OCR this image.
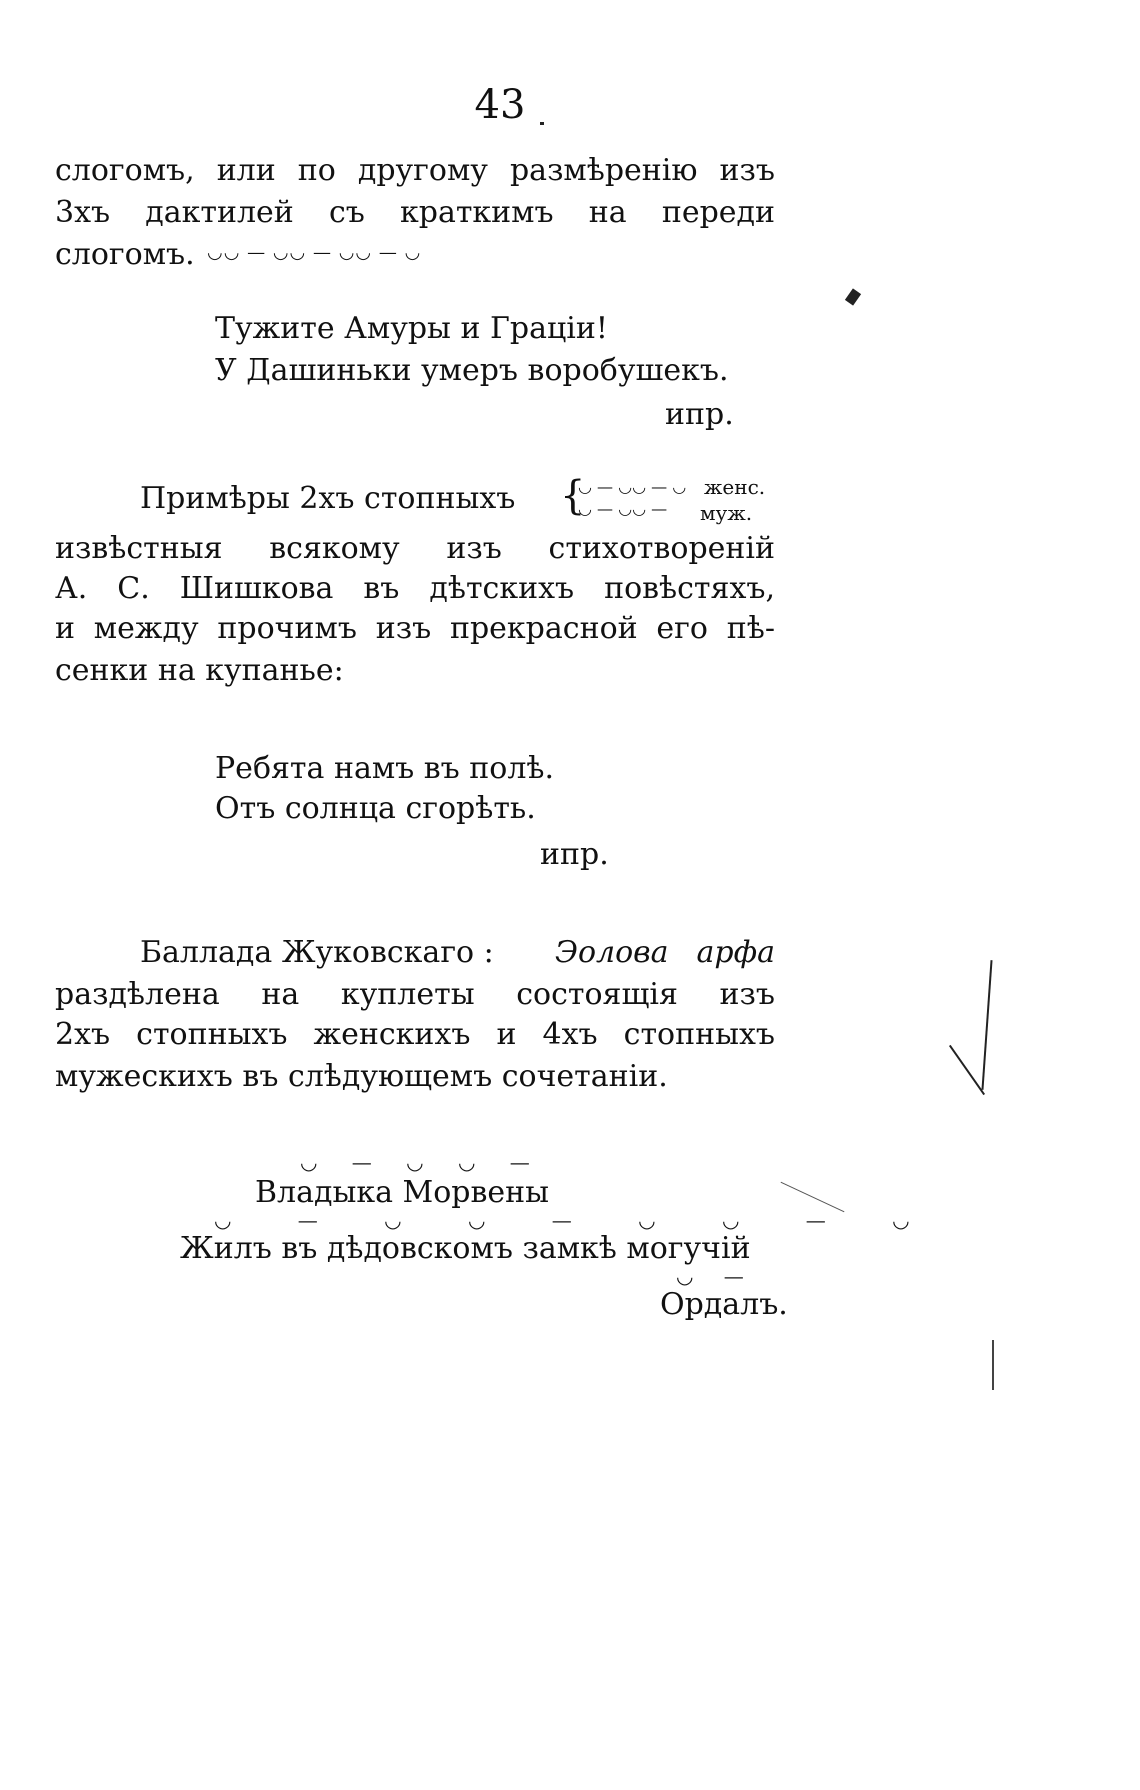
43
слогомъ, или по другому размѣренію изъ
3хъ дактилей съ краткимъ на переди
слогомъ. ◡◡ — ◡◡ — ◡◡ — ◡
Тужите Амуры и Граціи!
У Дашиньки умеръ воробушекъ.
ипр.
Примѣры 2хъ стопныхъ {
◡ — ◡◡ — ◡
◡ — ◡◡ —
женс.
муж.
извѣстныя всякому изъ стихотвореній
А. С. Шишкова въ дѣтскихъ повѣстяхъ,
и между прочимъ изъ прекрасной его пѣ-
сенки на купанье:
Ребята намъ въ полѣ.
Отъ солнца сгорѣть.
ипр.
Баллада Жуковскаго : Эолова арфа
раздѣлена на куплеты состоящія изъ
2хъ стопныхъ женскихъ и 4хъ стопныхъ
мужескихъ въ слѣдующемъ сочетаніи.
◡ — ◡ ◡ —
Владыка Морвены
◡ — ◡ ◡ — ◡ ◡ — ◡
Жилъ въ дѣдовскомъ замкѣ могучій
◡ —
Ордалъ.
